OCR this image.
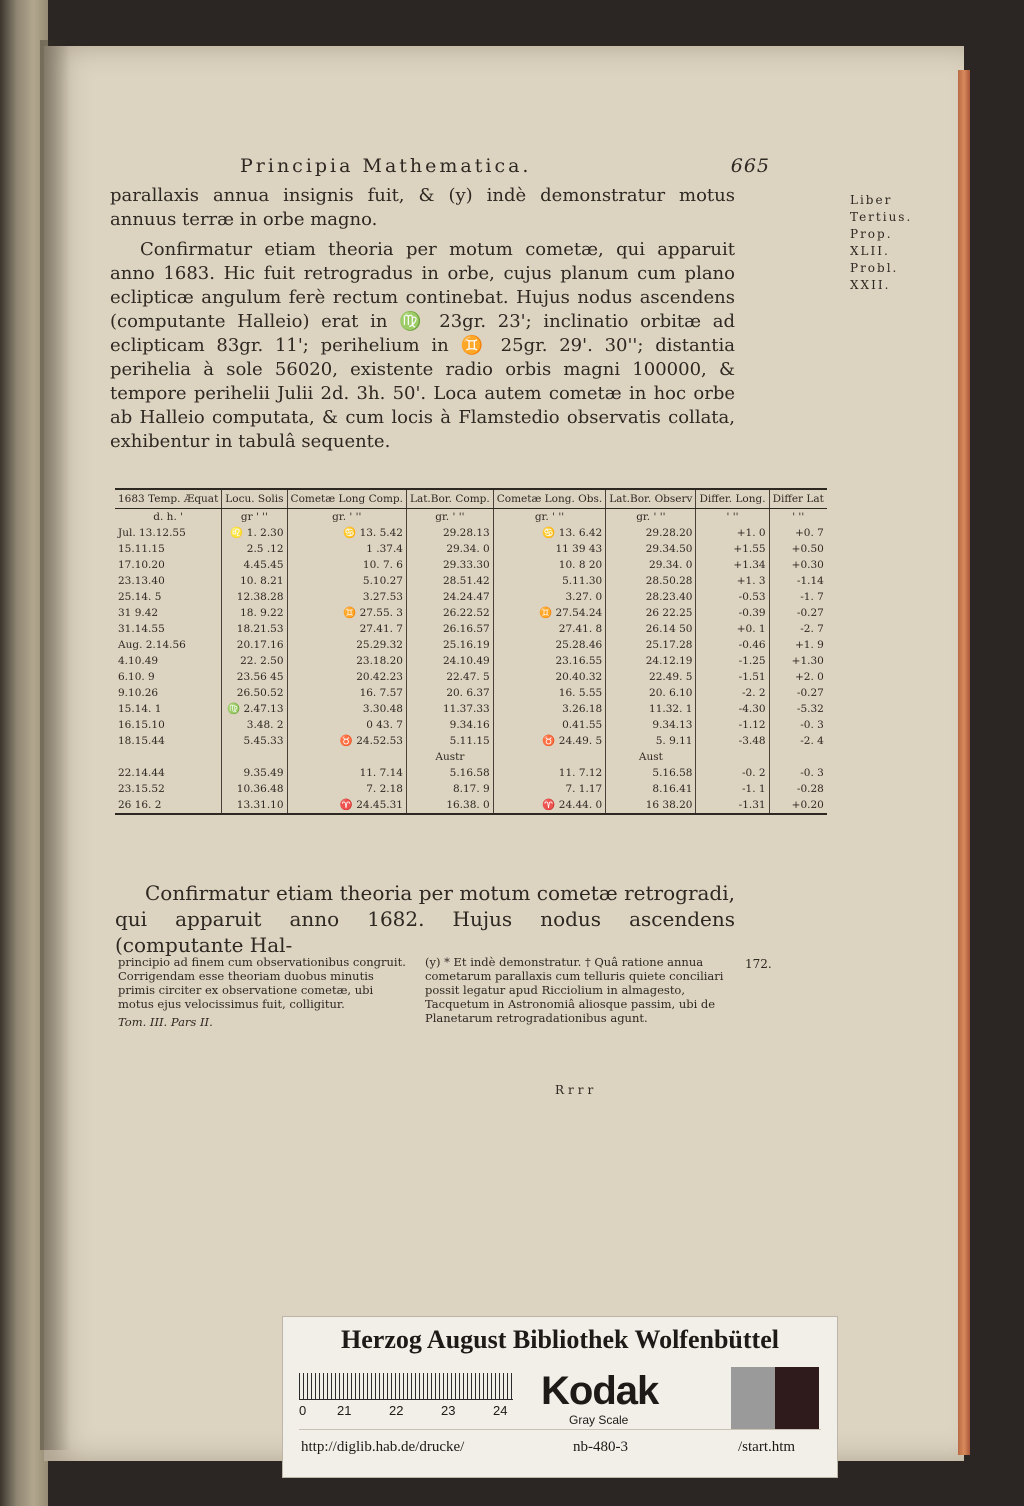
Principia Mathematica.	665
Liber
Tertius.
Prop.
XLII.
Probl.
XXII.

parallaxis annua insignis fuit, & (y) indè demonstratur motus annuus terræ in orbe magno.

Confirmatur etiam theoria per motum cometæ, qui apparuit anno 1683. Hic fuit retrogradus in orbe, cujus planum cum plano eclipticæ angulum ferè rectum continebat. Hujus nodus ascendens (computante Halleio) erat in ♍ 23gr. 23'; inclinatio orbitæ ad eclipticam 83gr. 11'; perihelium in ♊ 25gr. 29'. 30''; distantia perihelia à sole 56020, existente radio orbis magni 100000, & tempore perihelii Julii 2d. 3h. 50'. Loca autem cometæ in hoc orbe ab Halleio computata, & cum locis à Flamstedio observatis collata, exhibentur in tabulâ sequente.

1683 Temp. Æquat	Locu. Solis	Cometæ Long Comp.	Lat.Bor. Comp.	Cometæ Long. Obs.	Lat.Bor. Observ	Differ. Long.	Differ Lat
d. h. '	gr ' ''	gr. ' ''	gr. ' ''	gr. ' ''	gr. ' ''	' ''	' ''
Jul. 13.12.55	♌ 1. 2.30	♋ 13. 5.42	29.28.13	♋ 13. 6.42	29.28.20	+1. 0	+0. 7
15.11.15	2.5 .12	1 .37.4	29.34. 0	11 39 43	29.34.50	+1.55	+0.50
17.10.20	4.45.45	10. 7. 6	29.33.30	10. 8 20	29.34. 0	+1.34	+0.30
23.13.40	10. 8.21	5.10.27	28.51.42	5.11.30	28.50.28	+1. 3	-1.14
25.14. 5	12.38.28	3.27.53	24.24.47	3.27. 0	28.23.40	-0.53	-1. 7
31 9.42	18. 9.22	♊ 27.55. 3	26.22.52	♊ 27.54.24	26 22.25	-0.39	-0.27
31.14.55	18.21.53	27.41. 7	26.16.57	27.41. 8	26.14 50	+0. 1	-2. 7
Aug. 2.14.56	20.17.16	25.29.32	25.16.19	25.28.46	25.17.28	-0.46	+1. 9
4.10.49	22. 2.50	23.18.20	24.10.49	23.16.55	24.12.19	-1.25	+1.30
6.10. 9	23.56 45	20.42.23	22.47. 5	20.40.32	22.49. 5	-1.51	+2. 0
9.10.26	26.50.52	16. 7.57	20. 6.37	16. 5.55	20. 6.10	-2. 2	-0.27
15.14. 1	♍ 2.47.13	3.30.48	11.37.33	3.26.18	11.32. 1	-4.30	-5.32
16.15.10	3.48. 2	0 43. 7	9.34.16	0.41.55	9.34.13	-1.12	-0. 3
18.15.44	5.45.33	♉ 24.52.53	5.11.15	♉ 24.49. 5	5. 9.11	-3.48	-2. 4
			Austr		Aust		
22.14.44	9.35.49	11. 7.14	5.16.58	11. 7.12	5.16.58	-0. 2	-0. 3
23.15.52	10.36.48	7. 2.18	8.17. 9	7. 1.17	8.16.41	-1. 1	-0.28
26 16. 2	13.31.10	♈ 24.45.31	16.38. 0	♈ 24.44. 0	16 38.20	-1.31	+0.20

Confirmatur etiam theoria per motum cometæ retrogradi, qui apparuit anno 1682. Hujus nodus ascendens (computante Hal-

principio ad finem cum observationibus congruit. Corrigendam esse theoriam duobus minutis primis circiter ex observatione cometæ, ubi motus ejus velocissimus fuit, colligitur.
Tom. III. Pars II.
(y) * Et indè demonstratur. † Quâ ratione annua cometarum parallaxis cum telluris quiete conciliari possit legatur apud Ricciolium in almagesto, Tacquetum in Astronomiâ aliosque passim, ubi de Planetarum retrogradationibus agunt.
172.
Rrrr
Herzog August Bibliothek Wolfenbüttel
0 21	22	23	24 Kodak
Gray Scale
http://diglib.hab.de/drucke/	nb-480-3	/start.htm
